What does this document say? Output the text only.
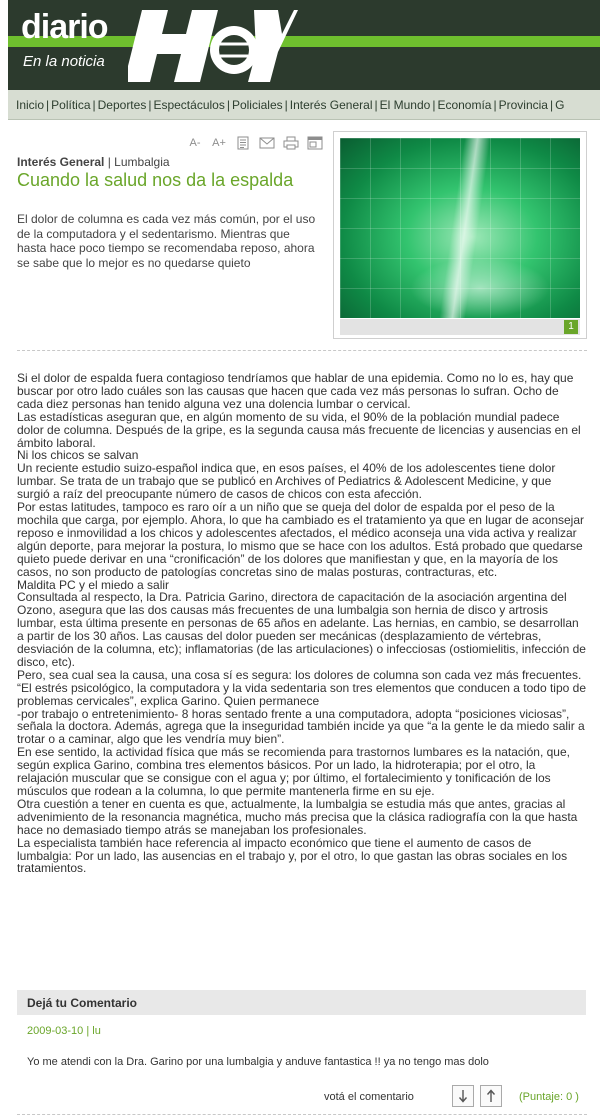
diario
En la noticia
Inicio | Política | Deportes | Espectáculos | Policiales | Interés General | El Mundo | Economía | Provincia | G
A-	A+
Interés General | Lumbalgia
Cuando la salud nos da la espalda
El dolor de columna es cada vez más común, por el uso de la computadora y el sedentarismo. Mientras que hasta hace poco tiempo se recomendaba reposo, ahora se sabe que lo mejor es no quedarse quieto
1

Si el dolor de espalda fuera contagioso tendríamos que hablar de una epidemia. Como no lo es, hay que buscar por otro lado cuáles son las causas que hacen que cada vez más personas lo sufran. Ocho de cada diez personas han tenido alguna vez una dolencia lumbar o cervical.

Las estadísticas aseguran que, en algún momento de su vida, el 90% de la población mundial padece dolor de columna. Después de la gripe, es la segunda causa más frecuente de licencias y ausencias en el ámbito laboral.

Ni los chicos se salvan

Un reciente estudio suizo-español indica que, en esos países, el 40% de los adolescentes tiene dolor lumbar. Se trata de un trabajo que se publicó en Archives of Pediatrics & Adolescent Medicine, y que surgió a raíz del preocupante número de casos de chicos con esta afección.

Por estas latitudes, tampoco es raro oír a un niño que se queja del dolor de espalda por el peso de la mochila que carga, por ejemplo. Ahora, lo que ha cambiado es el tratamiento ya que en lugar de aconsejar reposo e inmovilidad a los chicos y adolescentes afectados, el médico aconseja una vida activa y realizar algún deporte, para mejorar la postura, lo mismo que se hace con los adultos. Está probado que quedarse quieto puede derivar en una “cronificación” de los dolores que manifiestan y que, en la mayoría de los casos, no son producto de patologías concretas sino de malas posturas, contracturas, etc.

Maldita PC y el miedo a salir

Consultada al respecto, la Dra. Patricia Garino, directora de capacitación de la asociación argentina del Ozono, asegura que las dos causas más frecuentes de una lumbalgia son hernia de disco y artrosis lumbar, esta última presente en personas de 65 años en adelante. Las hernias, en cambio, se desarrollan a partir de los 30 años. Las causas del dolor pueden ser mecánicas (desplazamiento de vértebras, desviación de la columna, etc); inflamatorias (de las articulaciones) o infecciosas (ostiomielitis, infección de disco, etc).

Pero, sea cual sea la causa, una cosa sí es segura: los dolores de columna son cada vez más frecuentes. “El estrés psicológico, la computadora y la vida sedentaria son tres elementos que conducen a todo tipo de problemas cervicales”, explica Garino. Quien permanece

-por trabajo o entretenimiento- 8 horas sentado frente a una computadora, adopta “posiciones viciosas”, señala la doctora. Además, agrega que la inseguridad también incide ya que “a la gente le da miedo salir a trotar o a caminar, algo que les vendría muy bien”.

En ese sentido, la actividad física que más se recomienda para trastornos lumbares es la natación, que, según explica Garino, combina tres elementos básicos. Por un lado, la hidroterapia; por el otro, la relajación muscular que se consigue con el agua y; por último, el fortalecimiento y tonificación de los músculos que rodean a la columna, lo que permite mantenerla firme en su eje.

Otra cuestión a tener en cuenta es que, actualmente, la lumbalgia se estudia más que antes, gracias al advenimiento de la resonancia magnética, mucho más precisa que la clásica radiografía con la que hasta hace no demasiado tiempo atrás se manejaban los profesionales.

La especialista también hace referencia al impacto económico que tiene el aumento de casos de lumbalgia: Por un lado, las ausencias en el trabajo y, por el otro, lo que gastan las obras sociales en los tratamientos.

Dejá tu Comentario
2009-03-10 | lu
Yo me atendi con la Dra. Garino por una lumbalgia y anduve fantastica !! ya no tengo mas dolo
votá el comentario	(Puntaje: 0 )
